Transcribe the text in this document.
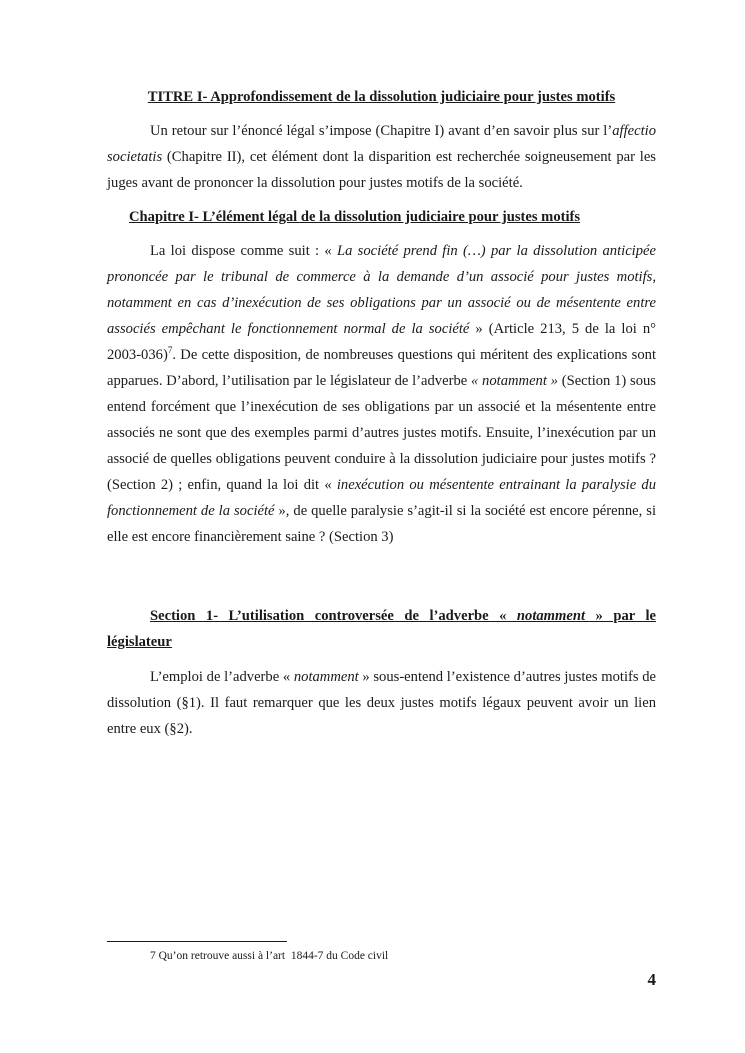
TITRE I- Approfondissement de la dissolution judiciaire pour justes motifs

Un retour sur l’énoncé légal s’impose (Chapitre I) avant d’en savoir plus sur l’affectio societatis (Chapitre II), cet élément dont la disparition est recherchée soigneusement par les juges avant de prononcer la dissolution pour justes motifs de la société.

Chapitre I- L’élément légal de la dissolution judiciaire pour justes motifs

La loi dispose comme suit : « La société prend fin (…) par la dissolution anticipée prononcée par le tribunal de commerce à la demande d’un associé pour justes motifs, notamment en cas d’inexécution de ses obligations par un associé ou de mésentente entre associés empêchant le fonctionnement normal de la société » (Article 213, 5 de la loi n° 2003-036)$^7$. De cette disposition, de nombreuses questions qui méritent des explications sont apparues. D’abord, l’utilisation par le législateur de l’adverbe « notamment » (Section 1) sous entend forcément que l’inexécution de ses obligations par un associé et la mésentente entre associés ne sont que des exemples parmi d’autres justes motifs. Ensuite, l’inexécution par un associé de quelles obligations peuvent conduire à la dissolution judiciaire pour justes motifs ? (Section 2) ; enfin, quand la loi dit « inexécution ou mésentente entrainant la paralysie du fonctionnement de la société », de quelle paralysie s’agit-il si la société est encore pérenne, si elle est encore financièrement saine ? (Section 3)

Section 1- L’utilisation controversée de l’adverbe « notamment » par le législateur

L’emploi de l’adverbe « notamment » sous-entend l’existence d’autres justes motifs de dissolution (§1). Il faut remarquer que les deux justes motifs légaux peuvent avoir un lien entre eux (§2).

7 Qu’on retrouve aussi à l’art  1844-7 du Code civil
4
